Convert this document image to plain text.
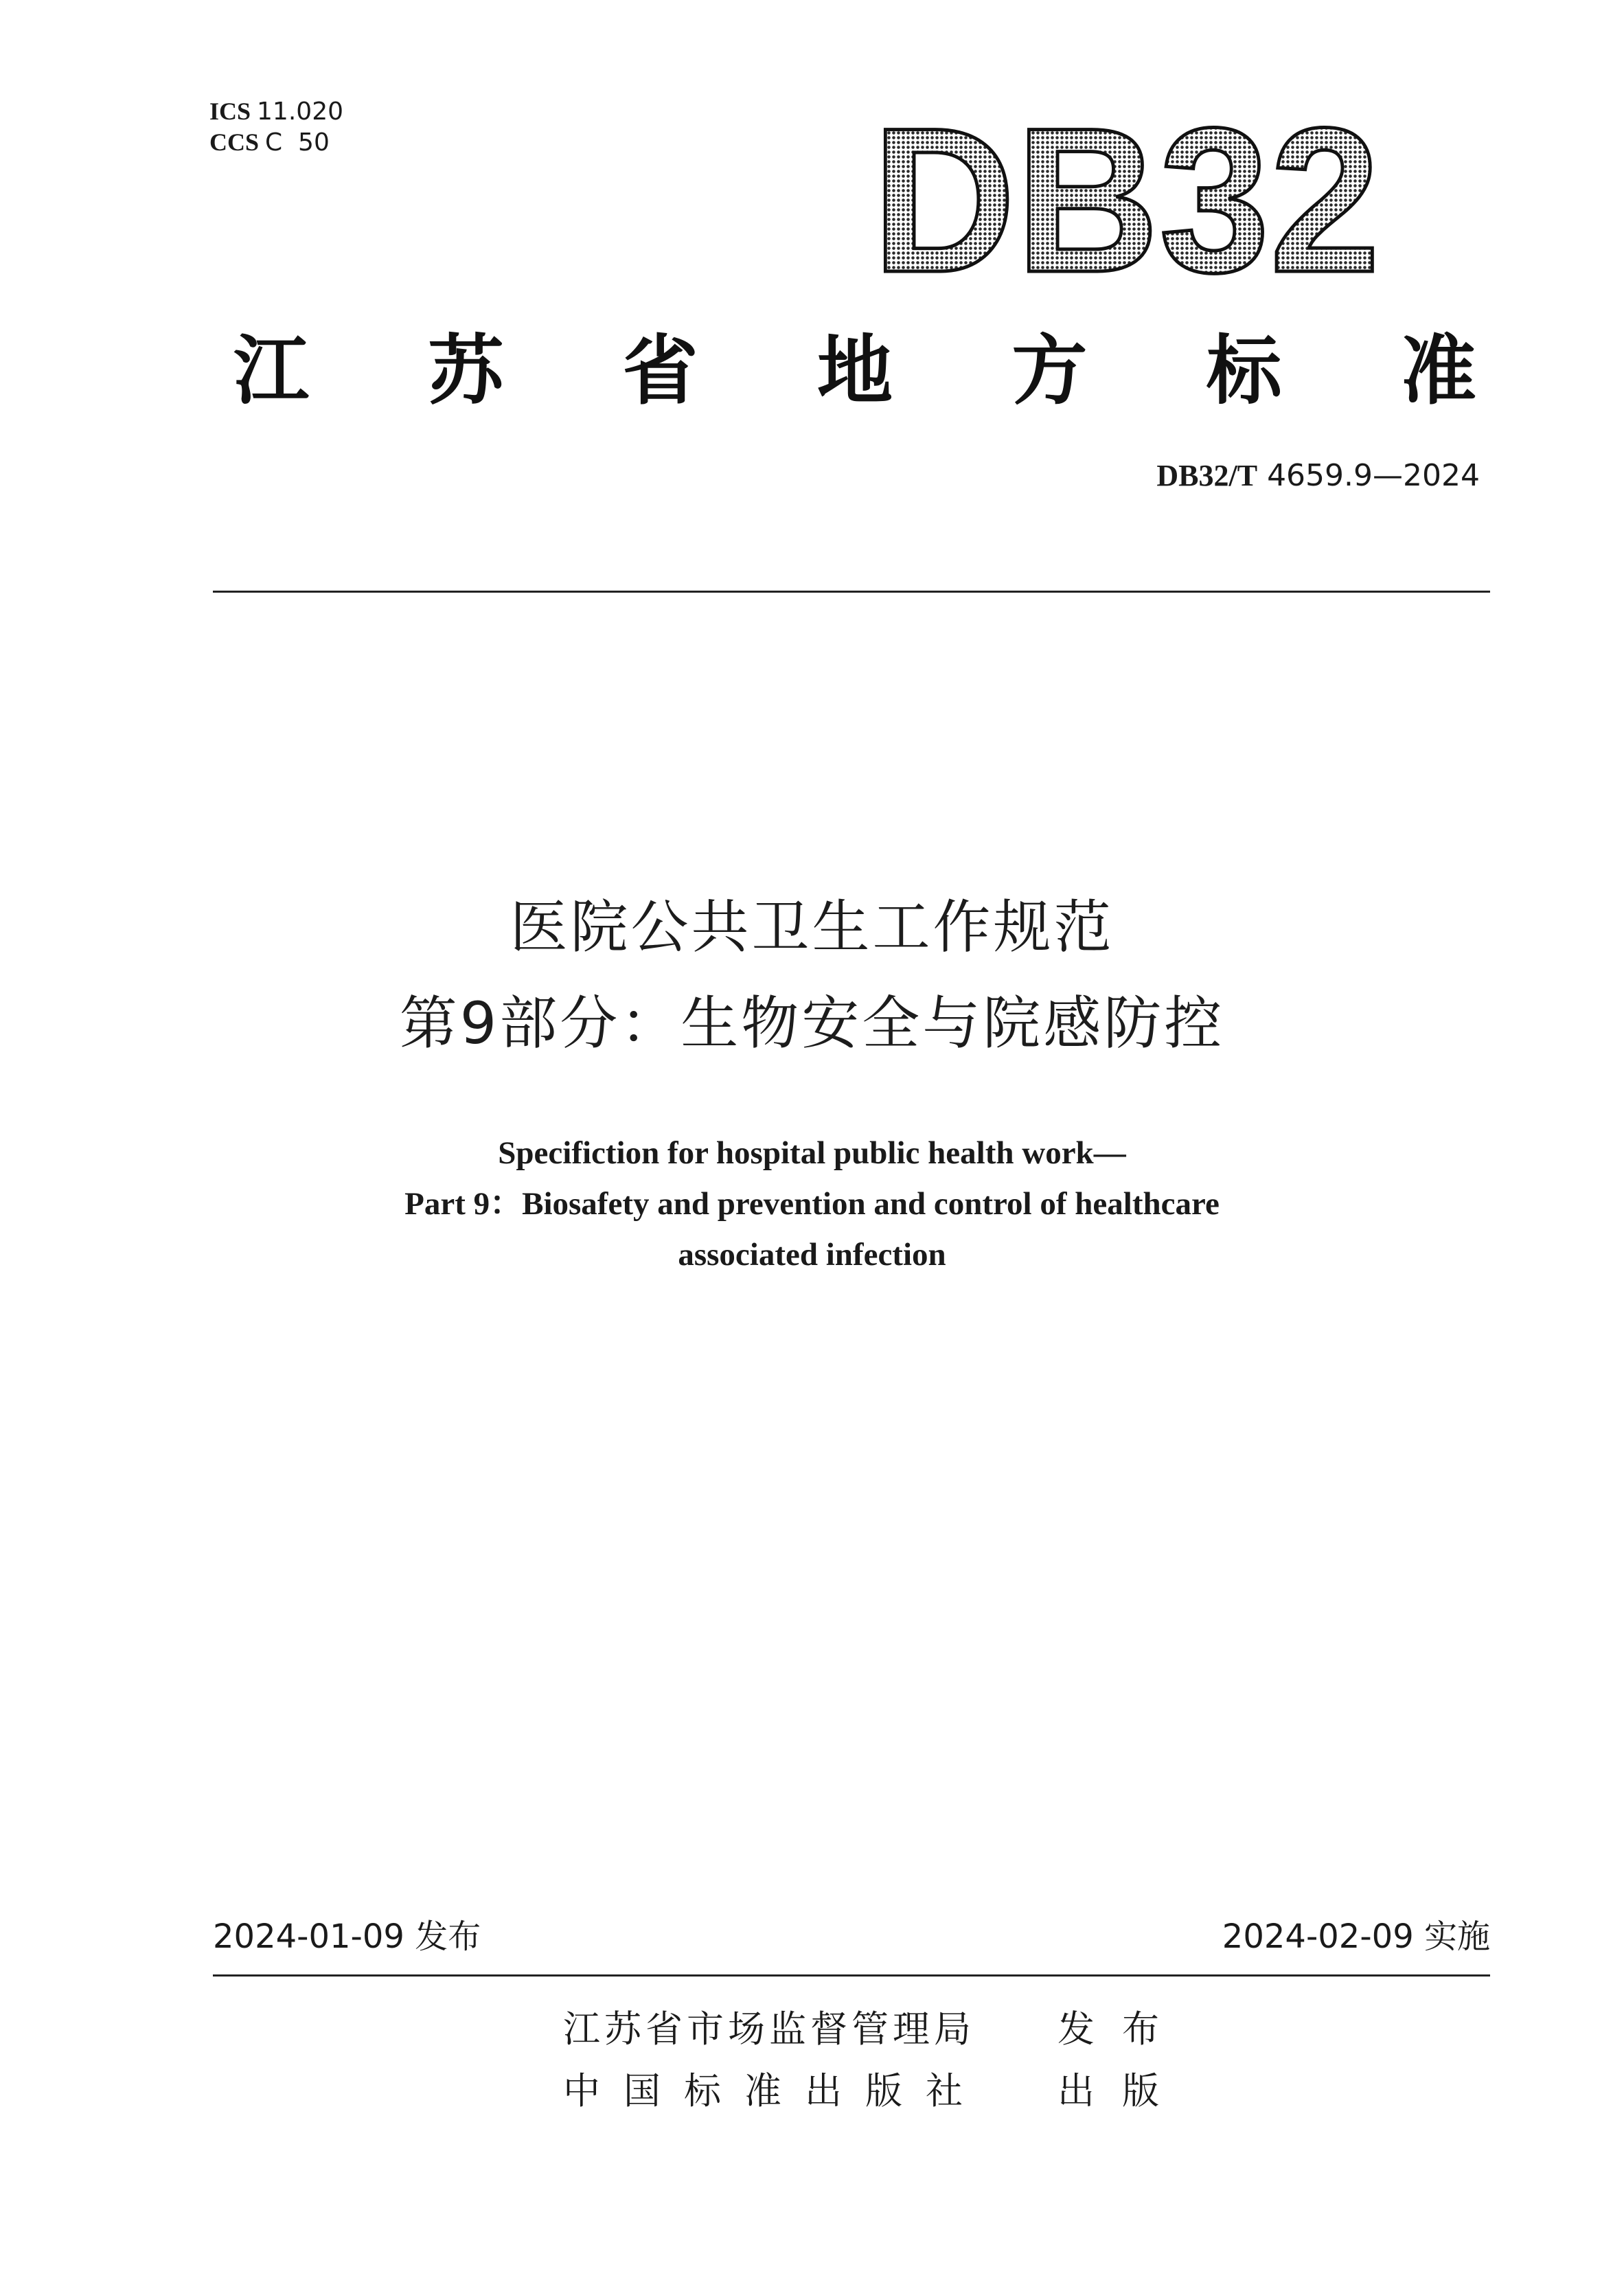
ICS 11.020
CCS C  50	DB32
江 苏 省 地 方 标 准
DB32/T 4659.9—2024
医院公共卫生工作规范
第9部分：生物安全与院感防控
Specifiction for hospital public health work—
Part 9：Biosafety and prevention and control of healthcare
associated infection
2024-01-09 发布	2024-02-09 实施
江苏省市场监督管理局 发布
中国标准出版社 出版
